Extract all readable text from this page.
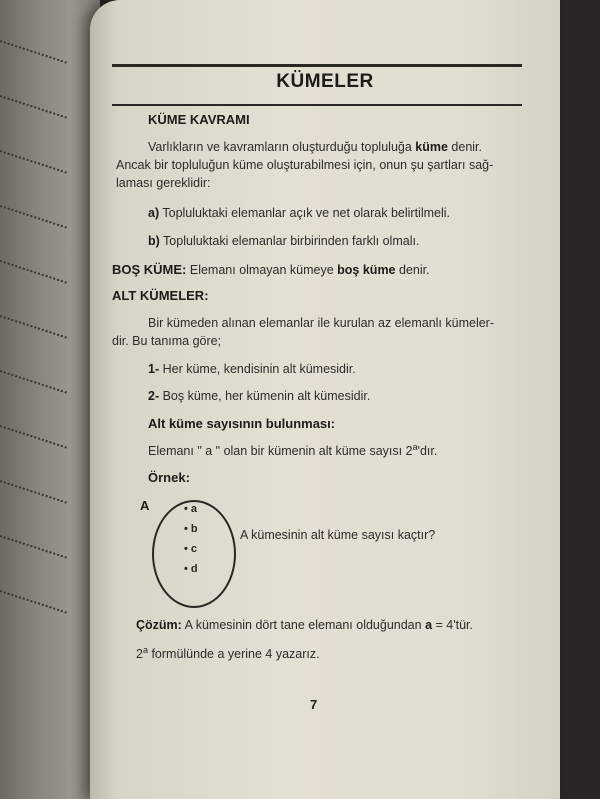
KÜMELER
KÜME KAVRAMI
Varlıkların ve kavramların oluşturduğu topluluğa küme denir.
Ancak bir topluluğun küme oluşturabilmesi için, onun şu şartları sağ-
laması gereklidir:
a) Topluluktaki elemanlar açık ve net olarak belirtilmeli.
b) Topluluktaki elemanlar birbirinden farklı olmalı.
BOŞ KÜME: Elemanı olmayan kümeye boş küme denir.
ALT KÜMELER:
Bir kümeden alınan elemanlar ile kurulan az elemanlı kümeler-
dir. Bu tanıma göre;
1- Her küme, kendisinin alt kümesidir.
2- Boş küme, her kümenin alt kümesidir.
Alt küme sayısının bulunması:
Elemanı " a " olan bir kümenin alt küme sayısı 2$^a$'dır.
Örnek:
A	• a
• b
• c
• d
A kümesinin alt küme sayısı kaçtır?
Çözüm: A kümesinin dört tane elemanı olduğundan a = 4'tür.
2$^a$ formülünde a yerine 4 yazarız.
7
